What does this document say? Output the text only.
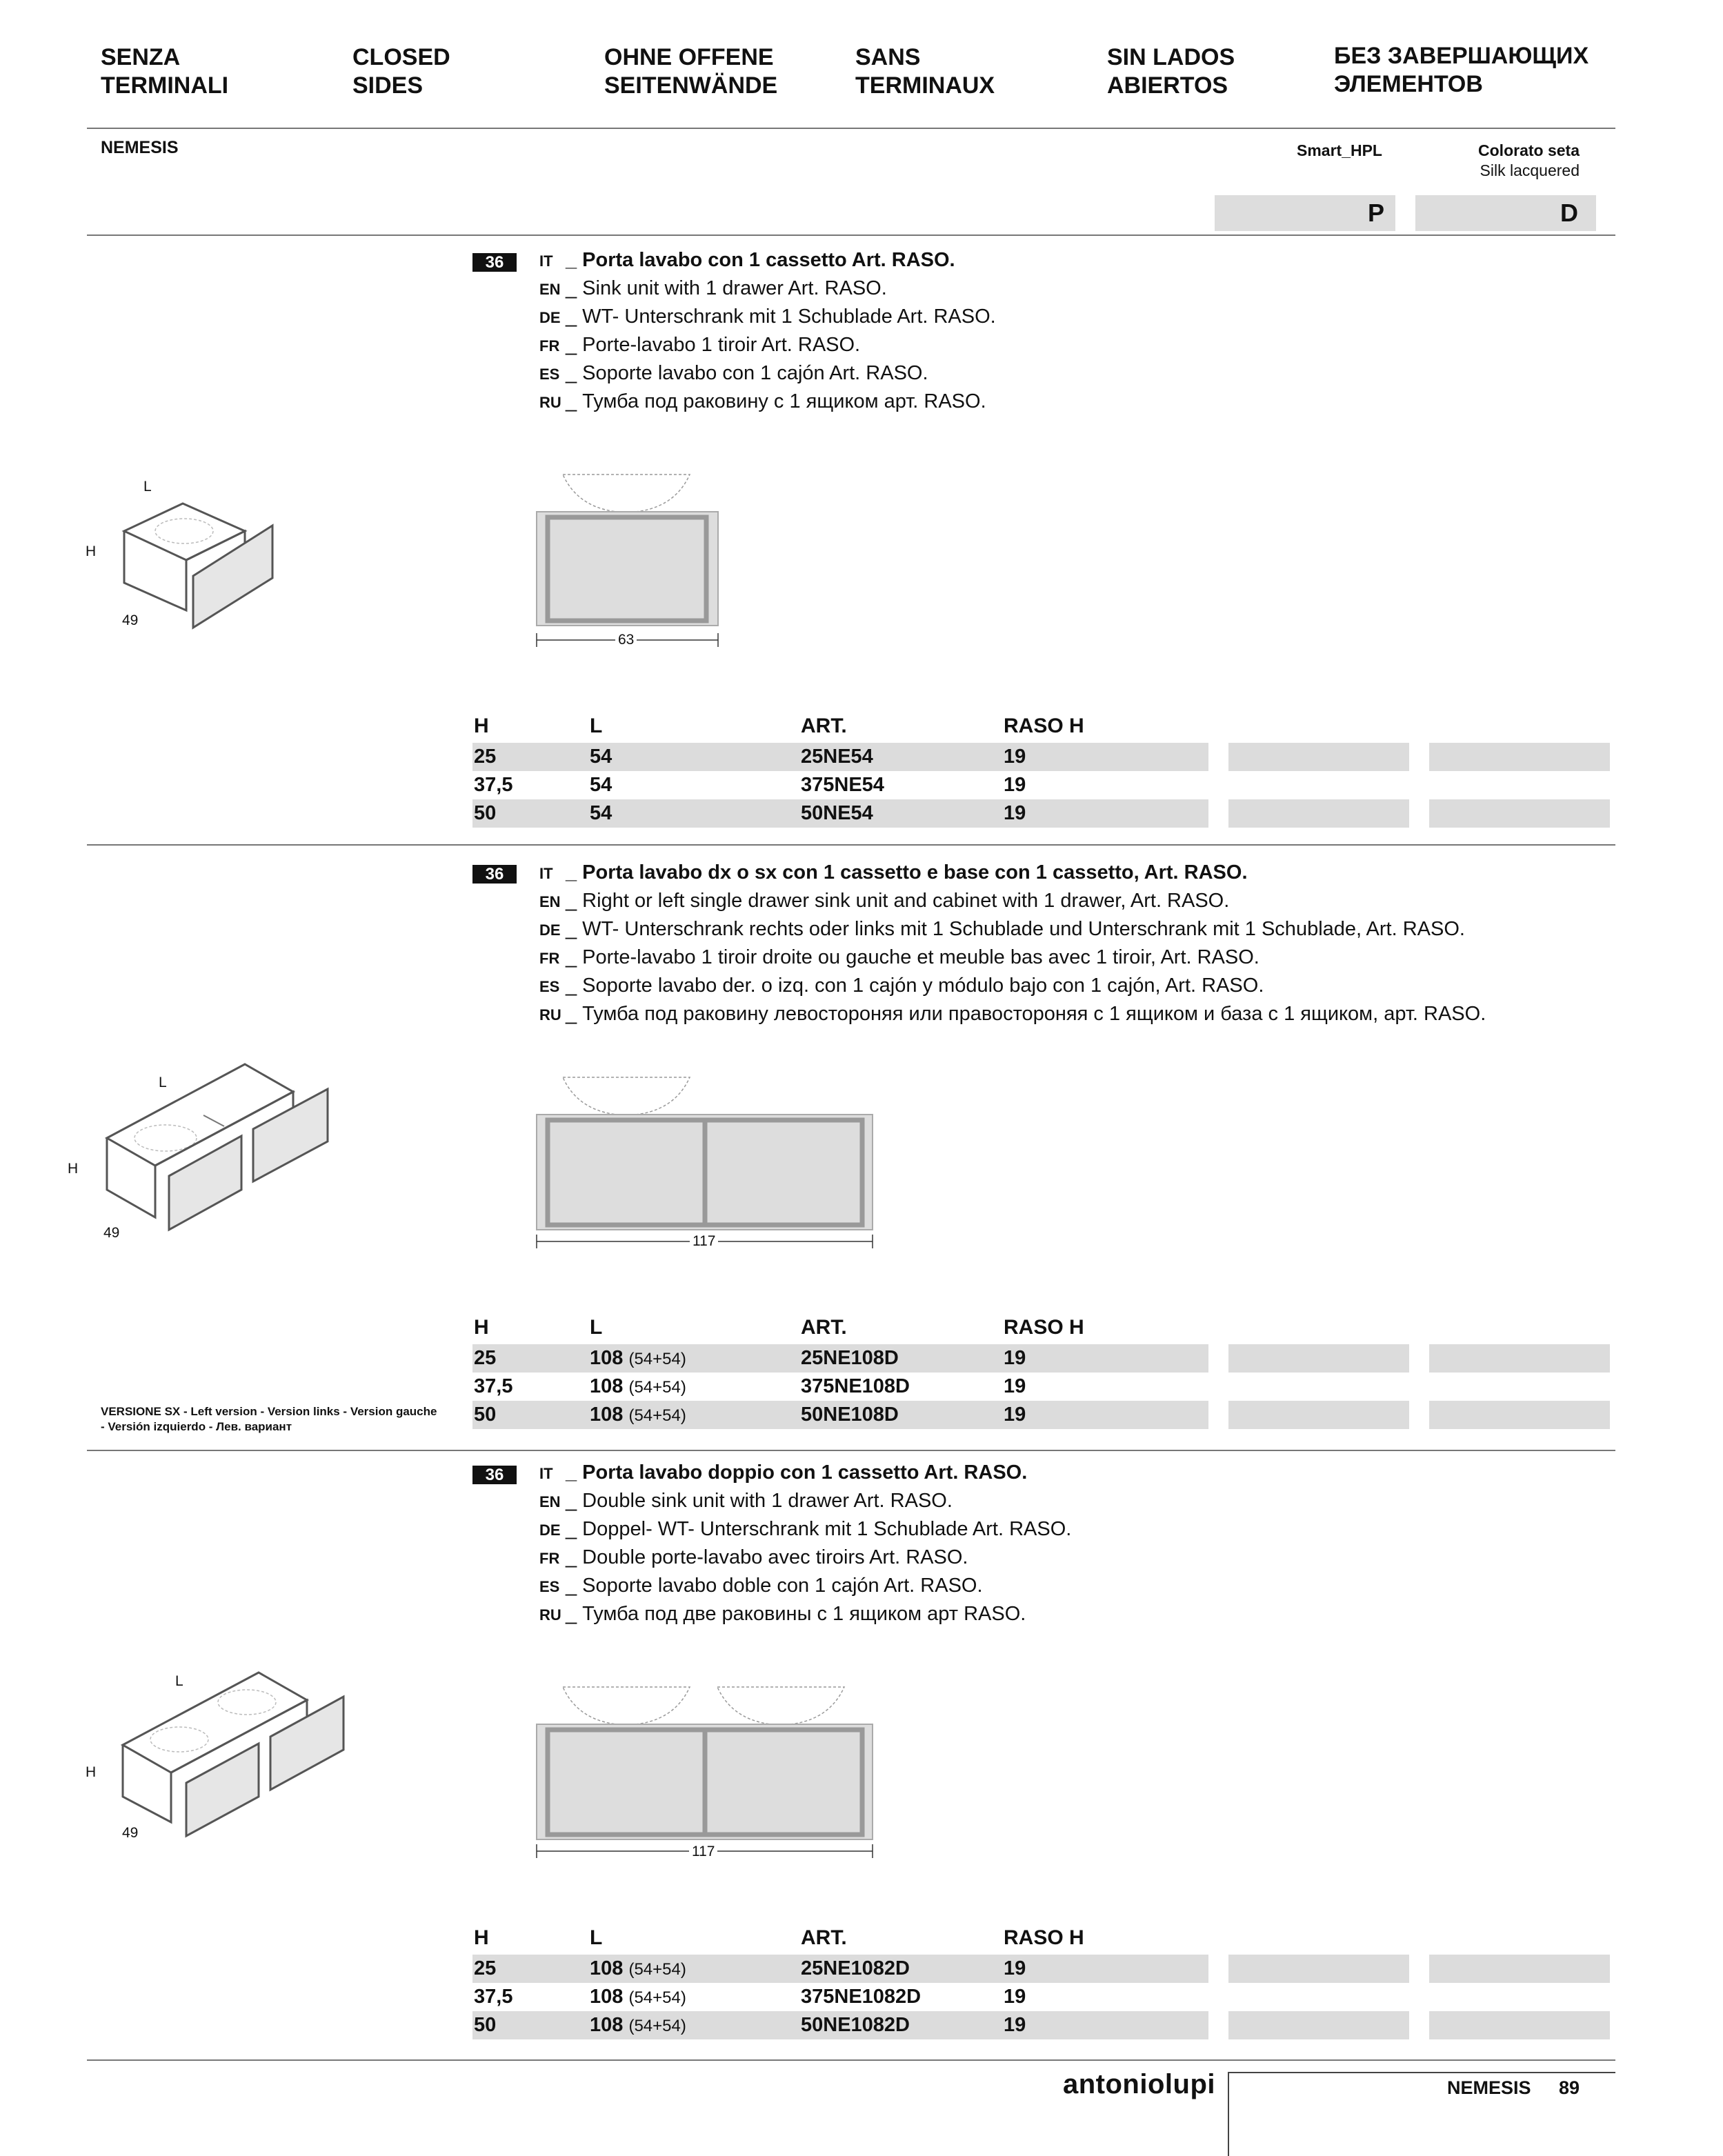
SENZA
TERMINALI
CLOSED
SIDES
OHNE OFFENE
SEITENWÄNDE
SANS
TERMINAUX
SIN LADOS
ABIERTOS
БЕЗ ЗАВЕРШАЮЩИХ
ЭЛЕМЕНТОВ
NEMESIS	Smart_HPL	Colorato seta
Silk lacquered
P	D
36	IT _ Porta lavabo con 1 cassetto Art. RASO.
EN _ Sink unit with 1 drawer Art. RASO.
DE _ WT- Unterschrank mit 1 Schublade Art. RASO.
FR _ Porte-lavabo 1 tiroir Art. RASO.
ES _ Soporte lavabo con 1 cajón Art. RASO.
RU _ Тумба под раковину с 1 ящиком арт. RASO.
L
H
49
63
H	L	ART.	RASO H
25	54	25NE54	19
37,5	54	375NE54	19
50	54	50NE54	19
36	IT _ Porta lavabo dx o sx con 1 cassetto e base con 1 cassetto, Art. RASO.
EN _ Right or left single drawer sink unit and cabinet with 1 drawer, Art. RASO.
DE _ WT- Unterschrank rechts oder links mit 1 Schublade und Unterschrank mit 1 Schublade, Art. RASO.
FR _ Porte-lavabo 1 tiroir droite ou gauche et meuble bas avec 1 tiroir, Art. RASO.
ES _ Soporte lavabo der. o izq. con 1 cajón y módulo bajo con 1 cajón, Art. RASO.
RU _ Тумба под раковину левостороняя или правостороняя с 1 ящиком и база с 1 ящиком, арт. RASO.
L
H
49
117
H	L	ART.	RASO H
25	108 (54+54)	25NE108D	19
37,5	108 (54+54)	375NE108D	19
50	108 (54+54)	50NE108D	19
VERSIONE SX - Left version - Version links - Version gauche - Versión izquierdo - Лев. вариант
36	IT _ Porta lavabo doppio con 1 cassetto Art. RASO.
EN _ Double sink unit with 1 drawer Art. RASO.
DE _ Doppel- WT- Unterschrank mit 1 Schublade Art. RASO.
FR _ Double porte-lavabo avec tiroirs Art. RASO.
ES _ Soporte lavabo doble con 1 cajón Art. RASO.
RU _ Тумба под две раковины с 1 ящиком арт RASO.
L
H
49
117
H	L	ART.	RASO H
25	108 (54+54)	25NE1082D	19
37,5	108 (54+54)	375NE1082D	19
50	108 (54+54)	50NE1082D	19
antoniolupi	NEMESIS 89
